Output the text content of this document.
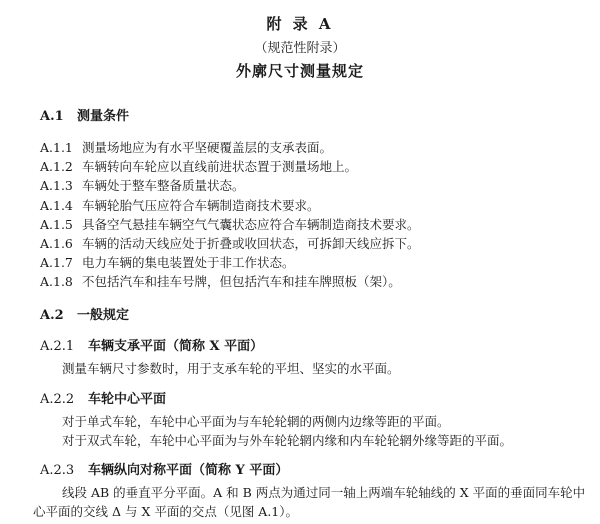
附 录 A
（规范性附录）
外廓尺寸测量规定
A.1 测量条件
A.1.1 测量场地应为有水平坚硬覆盖层的支承表面。
A.1.2 车辆转向车轮应以直线前进状态置于测量场地上。
A.1.3 车辆处于整车整备质量状态。
A.1.4 车辆轮胎气压应符合车辆制造商技术要求。
A.1.5 具备空气悬挂车辆空气气囊状态应符合车辆制造商技术要求。
A.1.6 车辆的活动天线应处于折叠或收回状态，可拆卸天线应拆下。
A.1.7 电力车辆的集电装置处于非工作状态。
A.1.8 不包括汽车和挂车号牌，但包括汽车和挂车牌照板（架）。
A.2 一般规定
A.2.1 车辆支承平面（简称 X 平面）
测量车辆尺寸参数时，用于支承车轮的平坦、坚实的水平面。
A.2.2 车轮中心平面
对于单式车轮，车轮中心平面为与车轮轮辋的两侧内边缘等距的平面。
对于双式车轮，车轮中心平面为与外车轮轮辋内缘和内车轮轮辋外缘等距的平面。
A.2.3 车辆纵向对称平面（简称 Y 平面）
线段 AB 的垂直平分平面。A 和 B 两点为通过同一轴上两端车轮轴线的 X 平面的垂面同车轮中
心平面的交线 Δ 与 X 平面的交点（见图 A.1）。
